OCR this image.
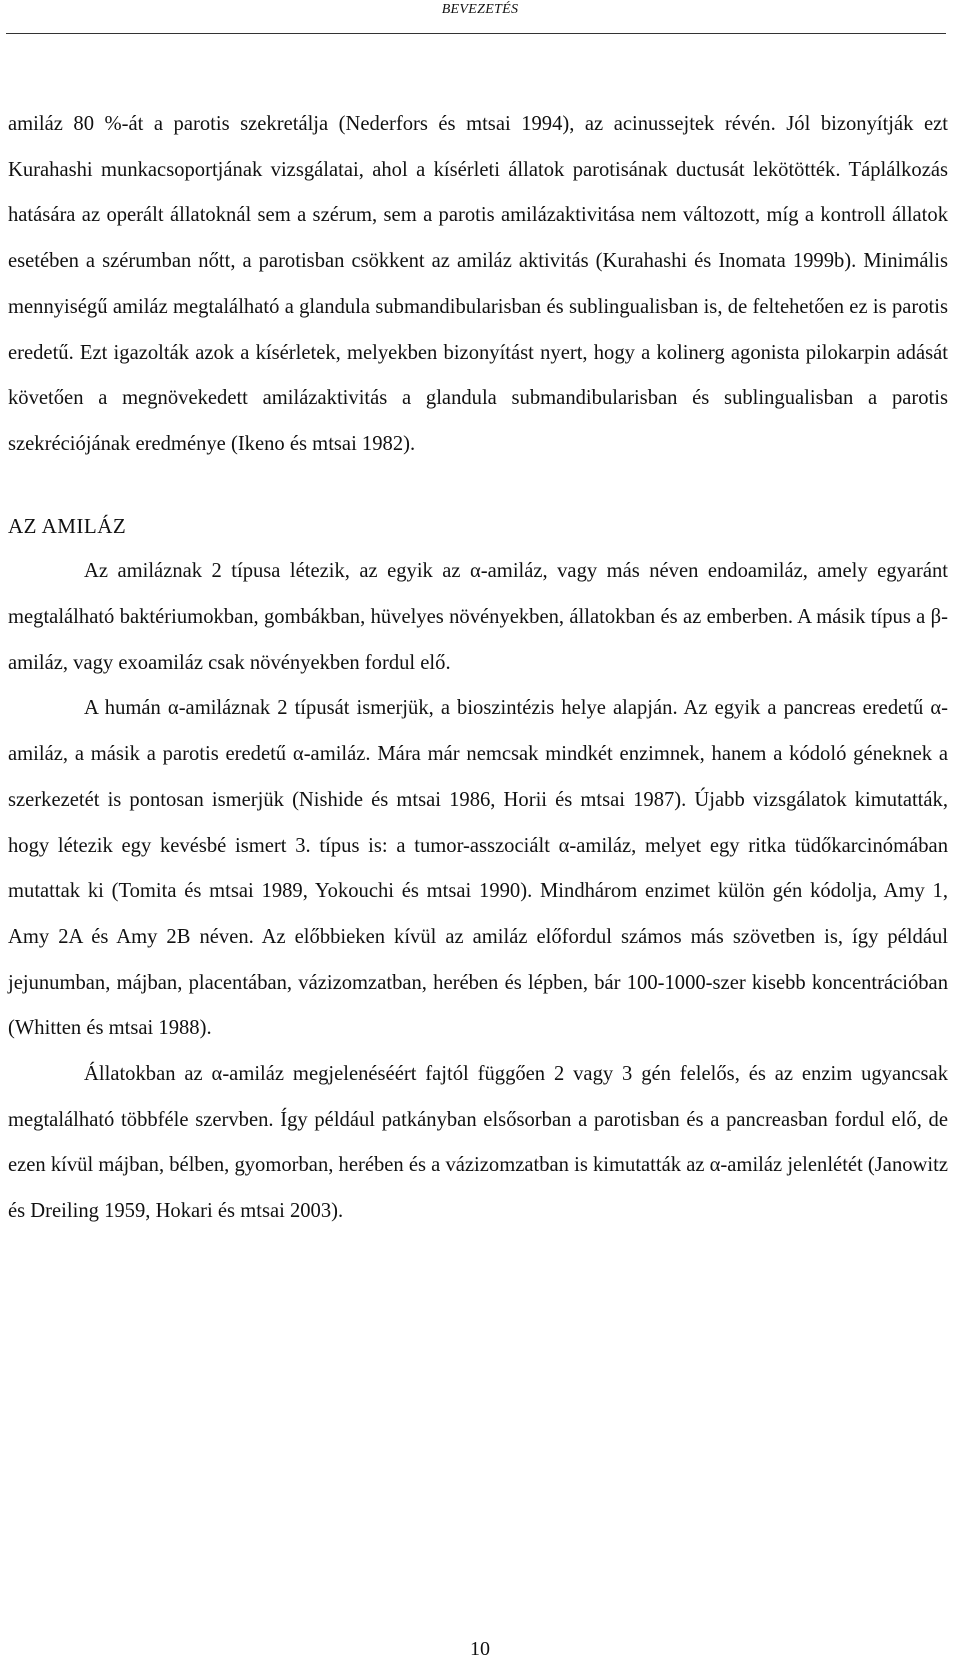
BEVEZETÉS

amiláz 80 %-át a parotis szekretálja (Nederfors és mtsai 1994), az acinussejtek révén. Jól bizonyítják ezt Kurahashi munkacsoportjának vizsgálatai, ahol a kísérleti állatok parotisának ductusát lekötötték. Táplálkozás hatására az operált állatoknál sem a szérum, sem a parotis amilázaktivitása nem változott, míg a kontroll állatok esetében a szérumban nőtt, a parotisban csökkent az amiláz aktivitás (Kurahashi és Inomata 1999b). Minimális mennyiségű amiláz megtalálható a glandula submandibularisban és sublingualisban is, de feltehetően ez is parotis eredetű. Ezt igazolták azok a kísérletek, melyekben bizonyítást nyert, hogy a kolinerg agonista pilokarpin adását követően a megnövekedett amilázaktivitás a glandula submandibularisban és sublingualisban a parotis szekréciójának eredménye (Ikeno és mtsai 1982).

AZ AMILÁZ

Az amiláznak 2 típusa létezik, az egyik az α-amiláz, vagy más néven endoamiláz, amely egyaránt megtalálható baktériumokban, gombákban, hüvelyes növényekben, állatokban és az emberben. A másik típus a β-amiláz, vagy exoamiláz csak növényekben fordul elő.

A humán α-amiláznak 2 típusát ismerjük, a bioszintézis helye alapján. Az egyik a pancreas eredetű α-amiláz, a másik a parotis eredetű α-amiláz. Mára már nemcsak mindkét enzimnek, hanem a kódoló géneknek a szerkezetét is pontosan ismerjük (Nishide és mtsai 1986, Horii és mtsai 1987). Újabb vizsgálatok kimutatták, hogy létezik egy kevésbé ismert 3. típus is: a tumor-asszociált α-amiláz, melyet egy ritka tüdőkarcinómában mutattak ki (Tomita és mtsai 1989, Yokouchi és mtsai 1990). Mindhárom enzimet külön gén kódolja, Amy 1, Amy 2A és Amy 2B néven. Az előbbieken kívül az amiláz előfordul számos más szövetben is, így például jejunumban, májban, placentában, vázizomzatban, herében és lépben, bár 100-1000-szer kisebb koncentrációban (Whitten és mtsai 1988).

Állatokban az α-amiláz megjelenéséért fajtól függően 2 vagy 3 gén felelős, és az enzim ugyancsak megtalálható többféle szervben. Így például patkányban elsősorban a parotisban és a pancreasban fordul elő, de ezen kívül májban, bélben, gyomorban, herében és a vázizomzatban is kimutatták az α-amiláz jelenlétét (Janowitz és Dreiling 1959, Hokari és mtsai 2003).

10
